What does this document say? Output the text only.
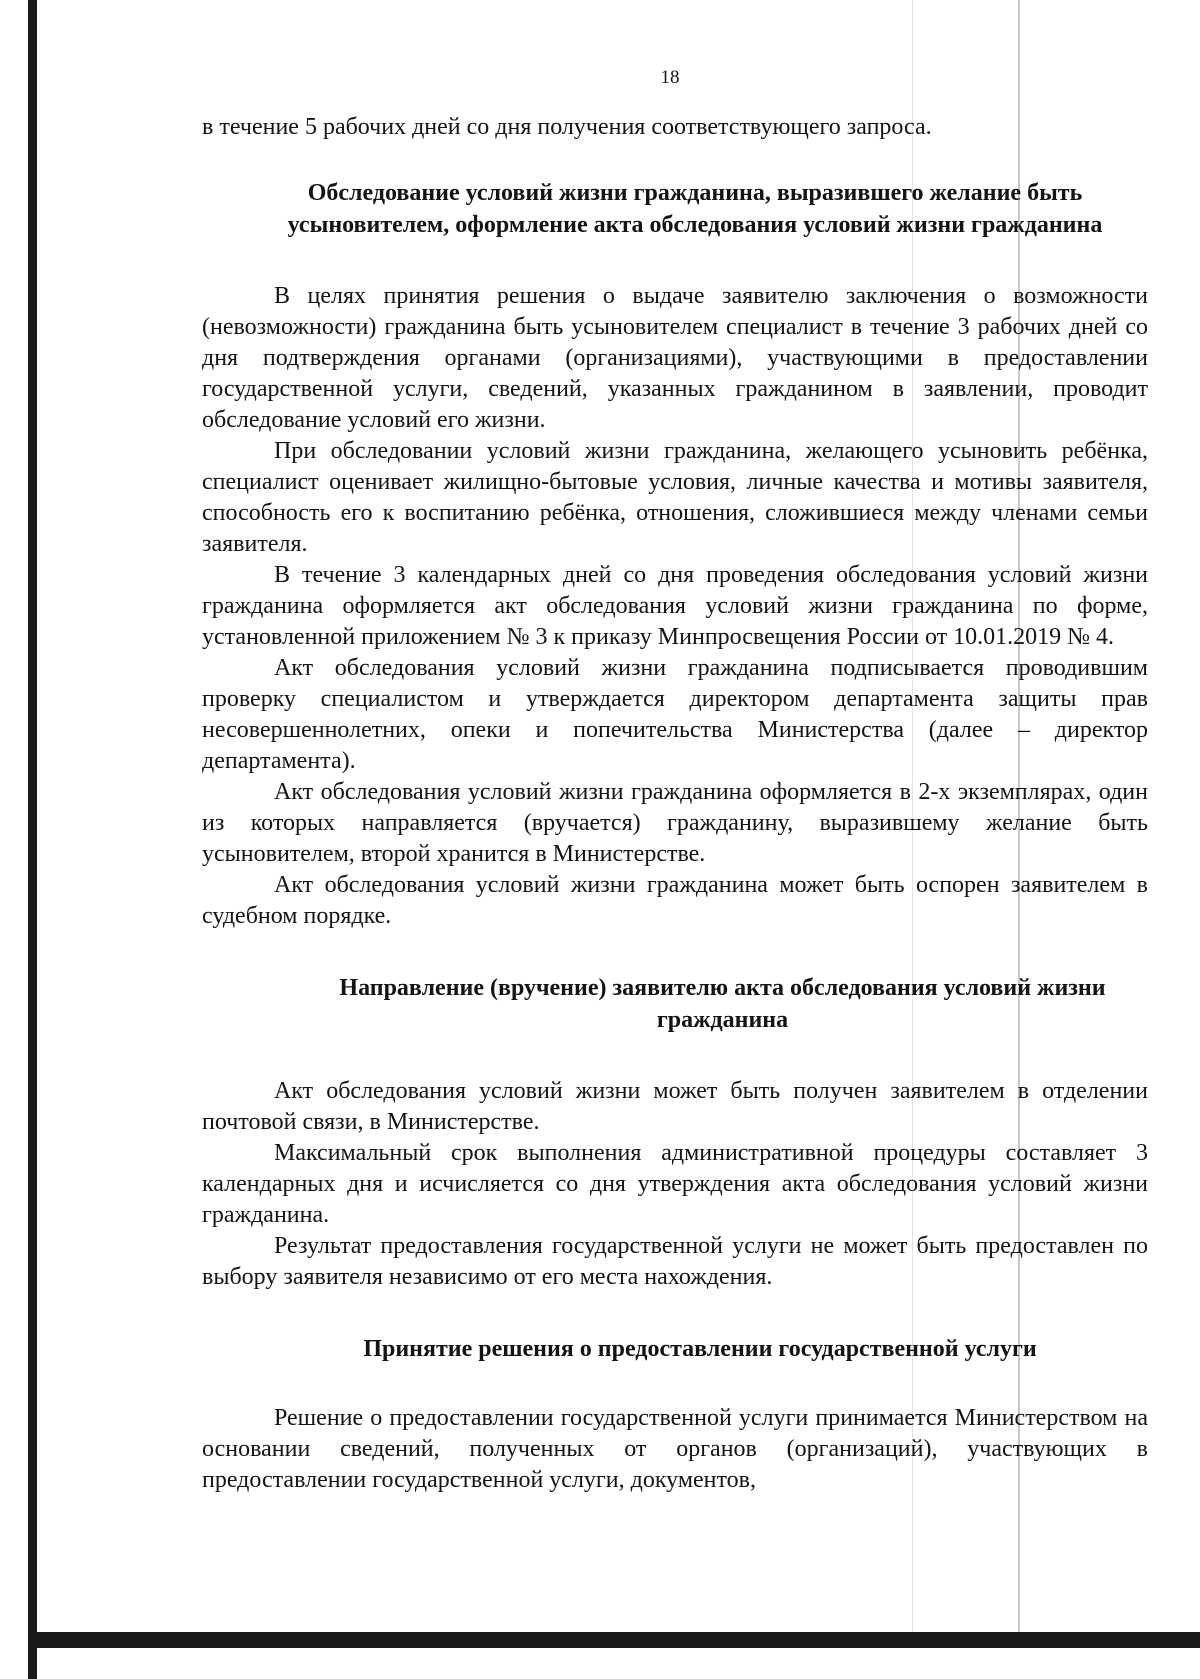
18

в течение 5 рабочих дней со дня получения соответствующего запроса.

Обследование условий жизни гражданина, выразившего желание быть усыновителем, оформление акта обследования условий жизни гражданина

В целях принятия решения о выдаче заявителю заключения о возможности (невозможности) гражданина быть усыновителем специалист в течение 3 рабочих дней со дня подтверждения органами (организациями), участвующими в предоставлении государственной услуги, сведений, указанных гражданином в заявлении, проводит обследование условий его жизни.

При обследовании условий жизни гражданина, желающего усыновить ребёнка, специалист оценивает жилищно-бытовые условия, личные качества и мотивы заявителя, способность его к воспитанию ребёнка, отношения, сложившиеся между членами семьи заявителя.

В течение 3 календарных дней со дня проведения обследования условий жизни гражданина оформляется акт обследования условий жизни гражданина по форме, установленной приложением № 3 к приказу Минпросвещения России от 10.01.2019 № 4.

Акт обследования условий жизни гражданина подписывается проводившим проверку специалистом и утверждается директором департамента защиты прав несовершеннолетних, опеки и попечительства Министерства (далее – директор департамента).

Акт обследования условий жизни гражданина оформляется в 2-х экземплярах, один из которых направляется (вручается) гражданину, выразившему желание быть усыновителем, второй хранится в Министерстве.

Акт обследования условий жизни гражданина может быть оспорен заявителем в судебном порядке.

Направление (вручение) заявителю акта обследования условий жизни гражданина

Акт обследования условий жизни может быть получен заявителем в отделении почтовой связи, в Министерстве.

Максимальный срок выполнения административной процедуры составляет 3 календарных дня и исчисляется со дня утверждения акта обследования условий жизни гражданина.

Результат предоставления государственной услуги не может быть предоставлен по выбору заявителя независимо от его места нахождения.

Принятие решения о предоставлении государственной услуги

Решение о предоставлении государственной услуги принимается Министерством на основании сведений, полученных от органов (организаций), участвующих в предоставлении государственной услуги, документов,
